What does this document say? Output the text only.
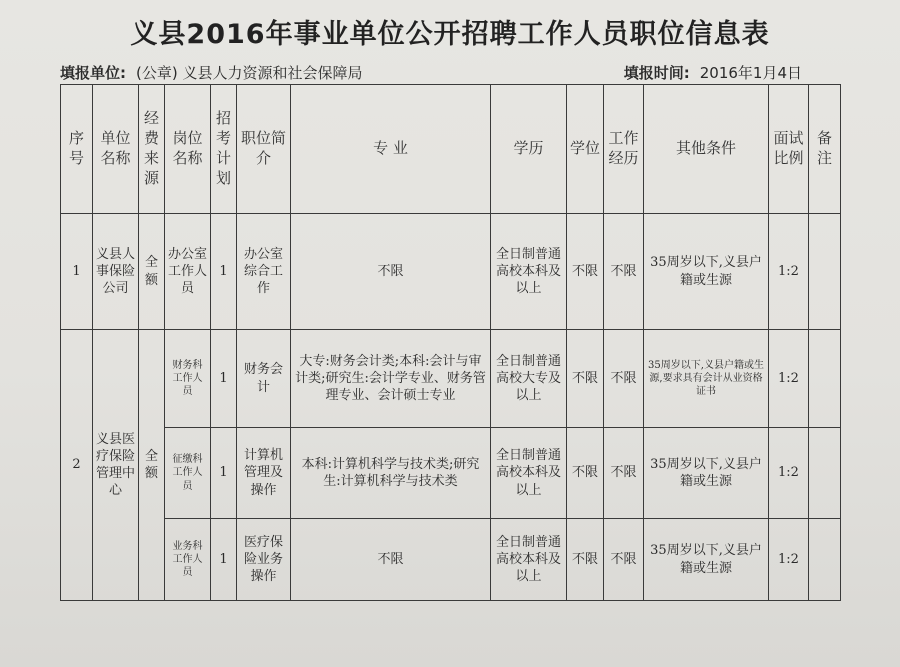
义县2016年事业单位公开招聘工作人员职位信息表
填报单位: (公章) 义县人力资源和社会保障局	填报时间: 2016年1月4日
序号	单位名称	经费来源	岗位名称	招考计划	职位简介	专 业	学历	学位	工作经历	其他条件	面试比例	备注
1	义县人事保险公司	全额	办公室工作人员	1	办公室综合工作	不限	全日制普通高校本科及以上	不限	不限	35周岁以下,义县户籍或生源	1:2	
2	义县医疗保险管理中心	全额	财务科工作人员	1	财务会计	大专:财务会计类;本科:会计与审计类;研究生:会计学专业、财务管理专业、会计硕士专业	全日制普通高校大专及以上	不限	不限	35周岁以下,义县户籍或生源,要求具有会计从业资格证书	1:2	
			征缴科工作人员	1	计算机管理及操作	本科:计算机科学与技术类;研究生:计算机科学与技术类	全日制普通高校本科及以上	不限	不限	35周岁以下,义县户籍或生源	1:2	
			业务科工作人员	1	医疗保险业务操作	不限	全日制普通高校本科及以上	不限	不限	35周岁以下,义县户籍或生源	1:2	
